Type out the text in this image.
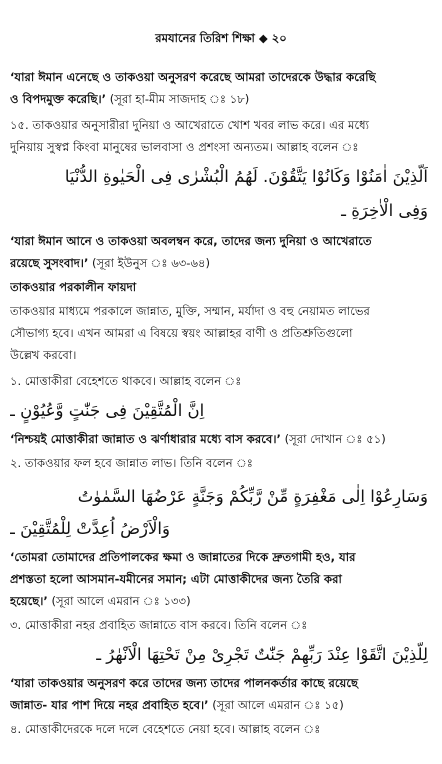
রমযানের তিরিশ শিক্ষা ◆ ২০
‘যারা ঈমান এনেছে ও তাকওয়া অনুসরণ করেছে আমরা তাদেরকে উদ্ধার করেছি
ও বিপদমুক্ত করেছি।’ (সূরা হা-মীম সাজদাহ ঃ ১৮)
১৫. তাকওয়ার অনুসারীরা দুনিয়া ও আখেরাতে খোশ খবর লাভ করে। এর মধ্যে
দুনিয়ায় সুস্বপ্ন কিংবা মানুষের ভালবাসা ও প্রশংসা অন্যতম। আল্লাহ বলেন ঃ
اَلَّذِيْنَ اٰمَنُوْا وَكَانُوْا يَتَّقُوْنَ. لَهُمُ الْبُشْرٰى فِى الْحَيٰوةِ الدُّنْيَا
وَفِى الْاٰخِرَةِ ـ
‘যারা ঈমান আনে ও তাকওয়া অবলম্বন করে, তাদের জন্য দুনিয়া ও আখেরাতে
রয়েছে সুসংবাদ।’ (সূরা ইউনুস ঃ ৬৩-৬৪)
তাকওয়ার পরকালীন ফায়দা
তাকওয়ার মাধ্যমে পরকালে জান্নাত, মুক্তি, সম্মান, মর্যাদা ও বহু নেয়ামত লাভের
সৌভাগ্য হবে। এখন আমরা এ বিষয়ে স্বয়ং আল্লাহর বাণী ও প্রতিশ্রুতিগুলো
উল্লেখ করবো।
১. মোত্তাকীরা বেহেশতে থাকবে। আল্লাহ বলেন ঃ
اِنَّ الْمُتَّقِيْنَ فِى جَنّٰتٍ وَّعُيُوْنٍ ـ
‘নিশ্চয়ই মোত্তাকীরা জান্নাত ও ঝর্ণাধারার মধ্যে বাস করবে।’ (সূরা দোখান ঃ ৫১)
২. তাকওয়ার ফল হবে জান্নাত লাভ। তিনি বলেন ঃ
وَسَارِعُوْا اِلٰى مَغْفِرَةٍ مِّنْ رَّبِّكُمْ وَجَنَّةٍ عَرْضُهَا السَّمٰوٰتُ
وَالْاَرْضُ اُعِدَّتْ لِلْمُتَّقِيْنَ ـ
‘তোমরা তোমাদের প্রতিপালকের ক্ষমা ও জান্নাতের দিকে দ্রুতগামী হও, যার
প্রশস্ততা হলো আসমান-যমীনের সমান; এটা মোত্তাকীদের জন্য তৈরি করা
হয়েছে।’ (সূরা আলে এমরান ঃ ১৩৩)
৩. মোত্তাকীরা নহর প্রবাহিত জান্নাতে বাস করবে। তিনি বলেন ঃ
لِلَّذِيْنَ اتَّقَوْا عِنْدَ رَبِّهِمْ جَنّٰتٌ تَجْرِىْ مِنْ تَحْتِهَا الْاَنْهٰرُ ـ
‘যারা তাকওয়ার অনুসরণ করে তাদের জন্য তাদের পালনকর্তার কাছে রয়েছে
জান্নাত- যার পাশ দিয়ে নহর প্রবাহিত হবে।’ (সূরা আলে এমরান ঃ ১৫)
৪. মোত্তাকীদেরকে দলে দলে বেহেশতে নেয়া হবে। আল্লাহ বলেন ঃ
